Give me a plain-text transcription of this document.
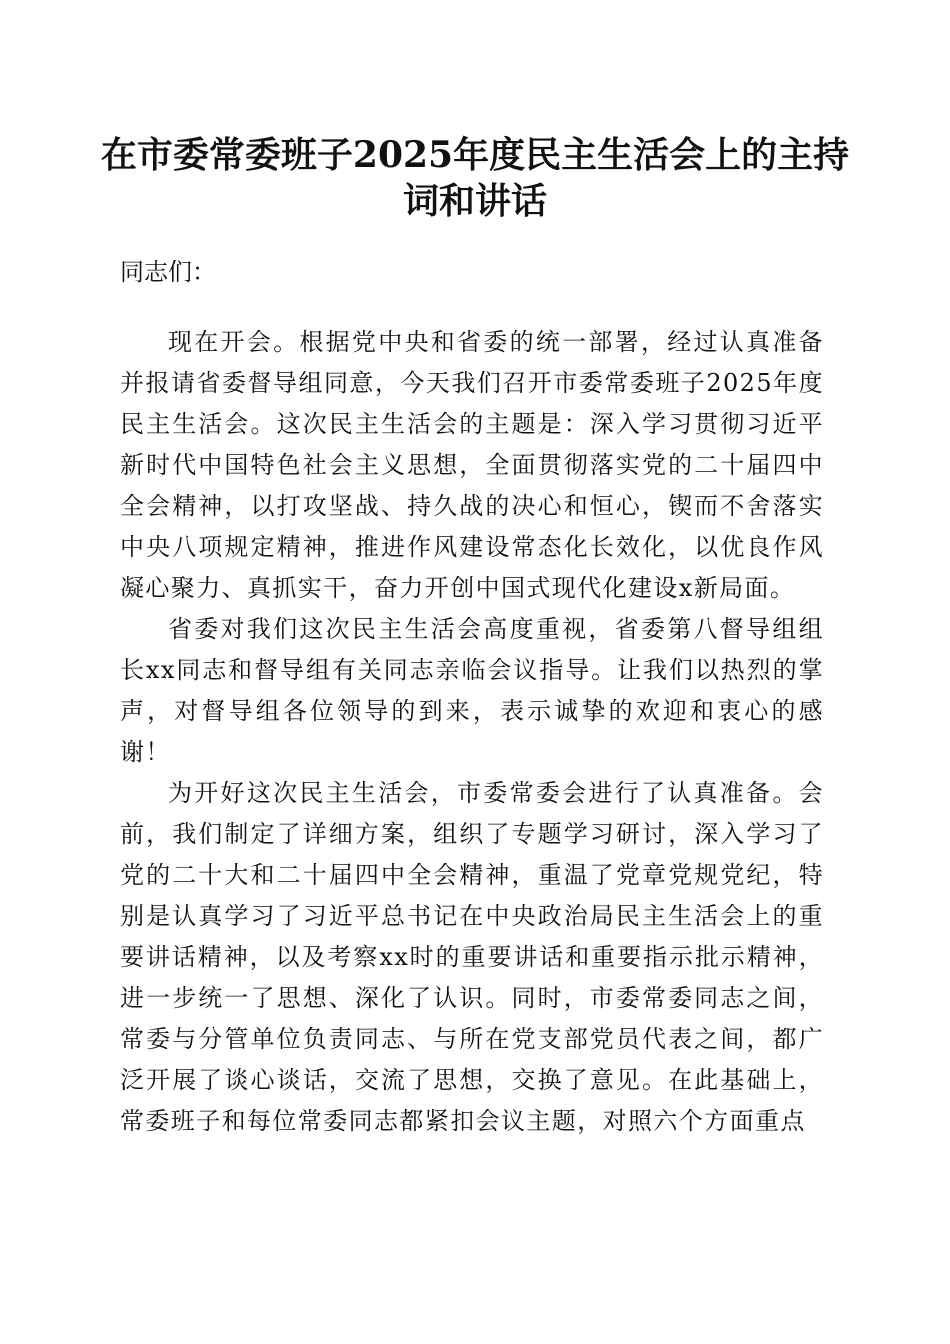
在市委常委班子2025年度民主生活会上的主持词和讲话

同志们：

现在开会。根据党中央和省委的统一部署，经过认真准备并报请省委督导组同意，今天我们召开市委常委班子2025年度民主生活会。这次民主生活会的主题是：深入学习贯彻习近平新时代中国特色社会主义思想，全面贯彻落实党的二十届四中全会精神，以打攻坚战、持久战的决心和恒心，锲而不舍落实中央八项规定精神，推进作风建设常态化长效化，以优良作风凝心聚力、真抓实干，奋力开创中国式现代化建设x新局面。

省委对我们这次民主生活会高度重视，省委第八督导组组长xx同志和督导组有关同志亲临会议指导。让我们以热烈的掌声，对督导组各位领导的到来，表示诚挚的欢迎和衷心的感谢！

为开好这次民主生活会，市委常委会进行了认真准备。会前，我们制定了详细方案，组织了专题学习研讨，深入学习了党的二十大和二十届四中全会精神，重温了党章党规党纪，特别是认真学习了习近平总书记在中央政治局民主生活会上的重要讲话精神，以及考察xx时的重要讲话和重要指示批示精神，进一步统一了思想、深化了认识。同时，市委常委同志之间，常委与分管单位负责同志、与所在党支部党员代表之间，都广泛开展了谈心谈话，交流了思想，交换了意见。在此基础上，常委班子和每位常委同志都紧扣会议主题，对照六个方面重点
